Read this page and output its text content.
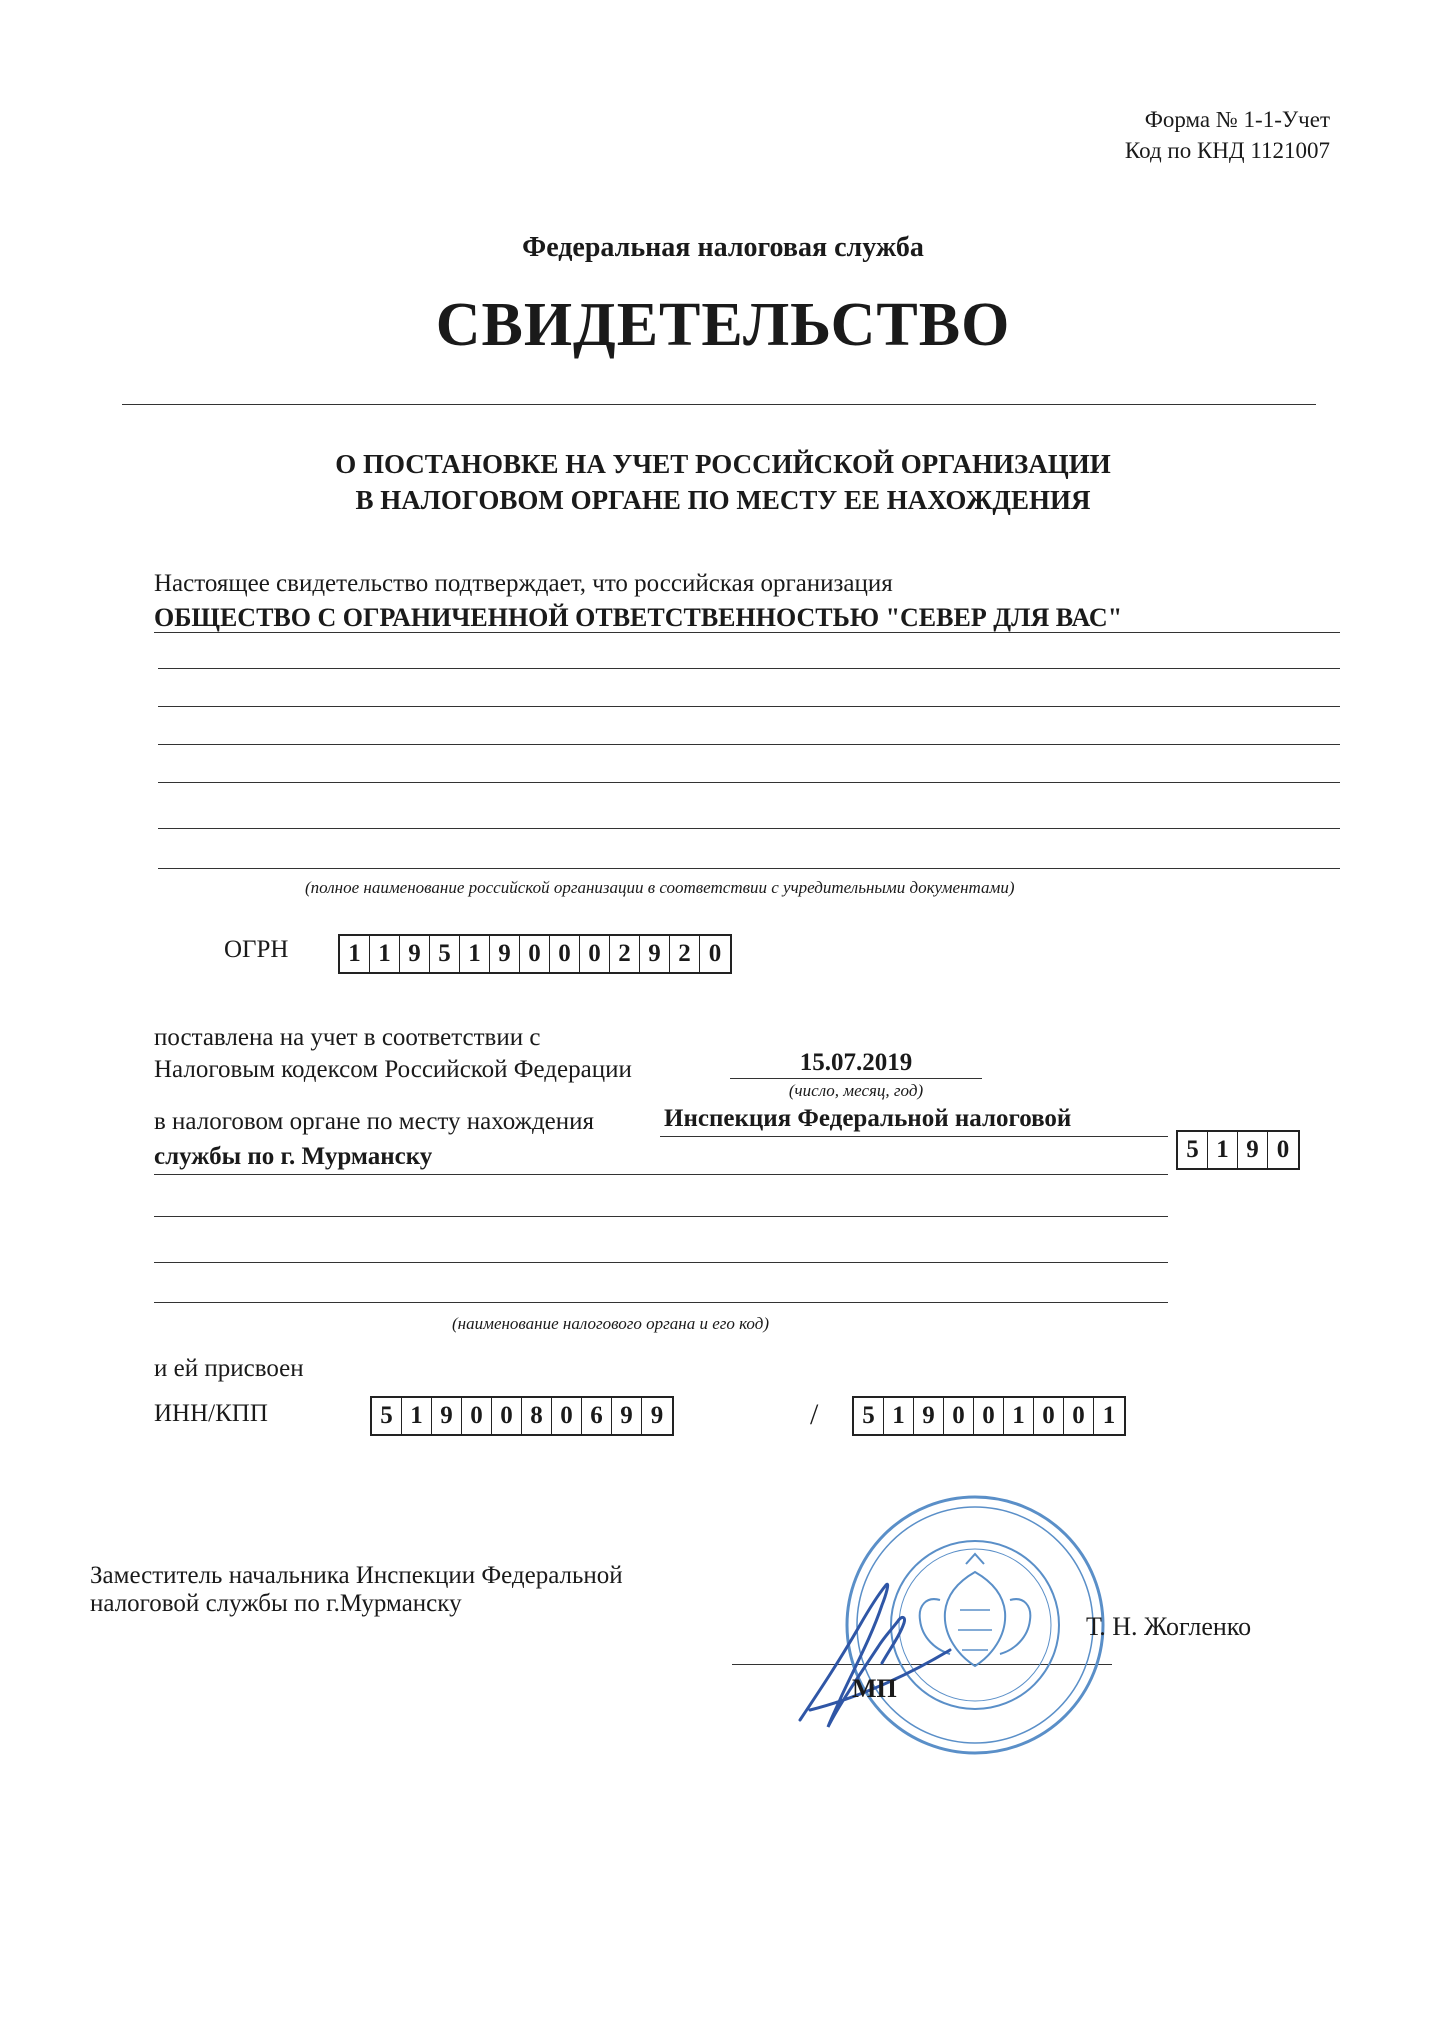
Форма № 1-1-Учет
Код по КНД 1121007
Федеральная налоговая служба
СВИДЕТЕЛЬСТВО
О ПОСТАНОВКЕ НА УЧЕТ РОССИЙСКОЙ ОРГАНИЗАЦИИ
В НАЛОГОВОМ ОРГАНЕ ПО МЕСТУ ЕЕ НАХОЖДЕНИЯ
Настоящее свидетельство подтверждает, что российская организация
ОБЩЕСТВО С ОГРАНИЧЕННОЙ ОТВЕТСТВЕННОСТЬЮ "СЕВЕР ДЛЯ ВАС"
(полное наименование российской организации в соответствии с учредительными документами)
ОГРН	1 1 9 5 1 9 0 0 0 2 9 2 0
поставлена на учет в соответствии с
Налоговым кодексом Российской Федерации	15.07.2019
(число, месяц, год)
в налоговом органе по месту нахождения	Инспекция Федеральной налоговой
службы по г. Мурманску	5 1 9 0
(наименование налогового органа и его код)
и ей присвоен
ИНН/КПП	5 1 9 0 0 8 0 6 9 9	/	5 1 9 0 0 1 0 0 1
Заместитель начальника Инспекции Федеральной
налоговой службы по г.Мурманску
МП
Т. Н. Жогленко
